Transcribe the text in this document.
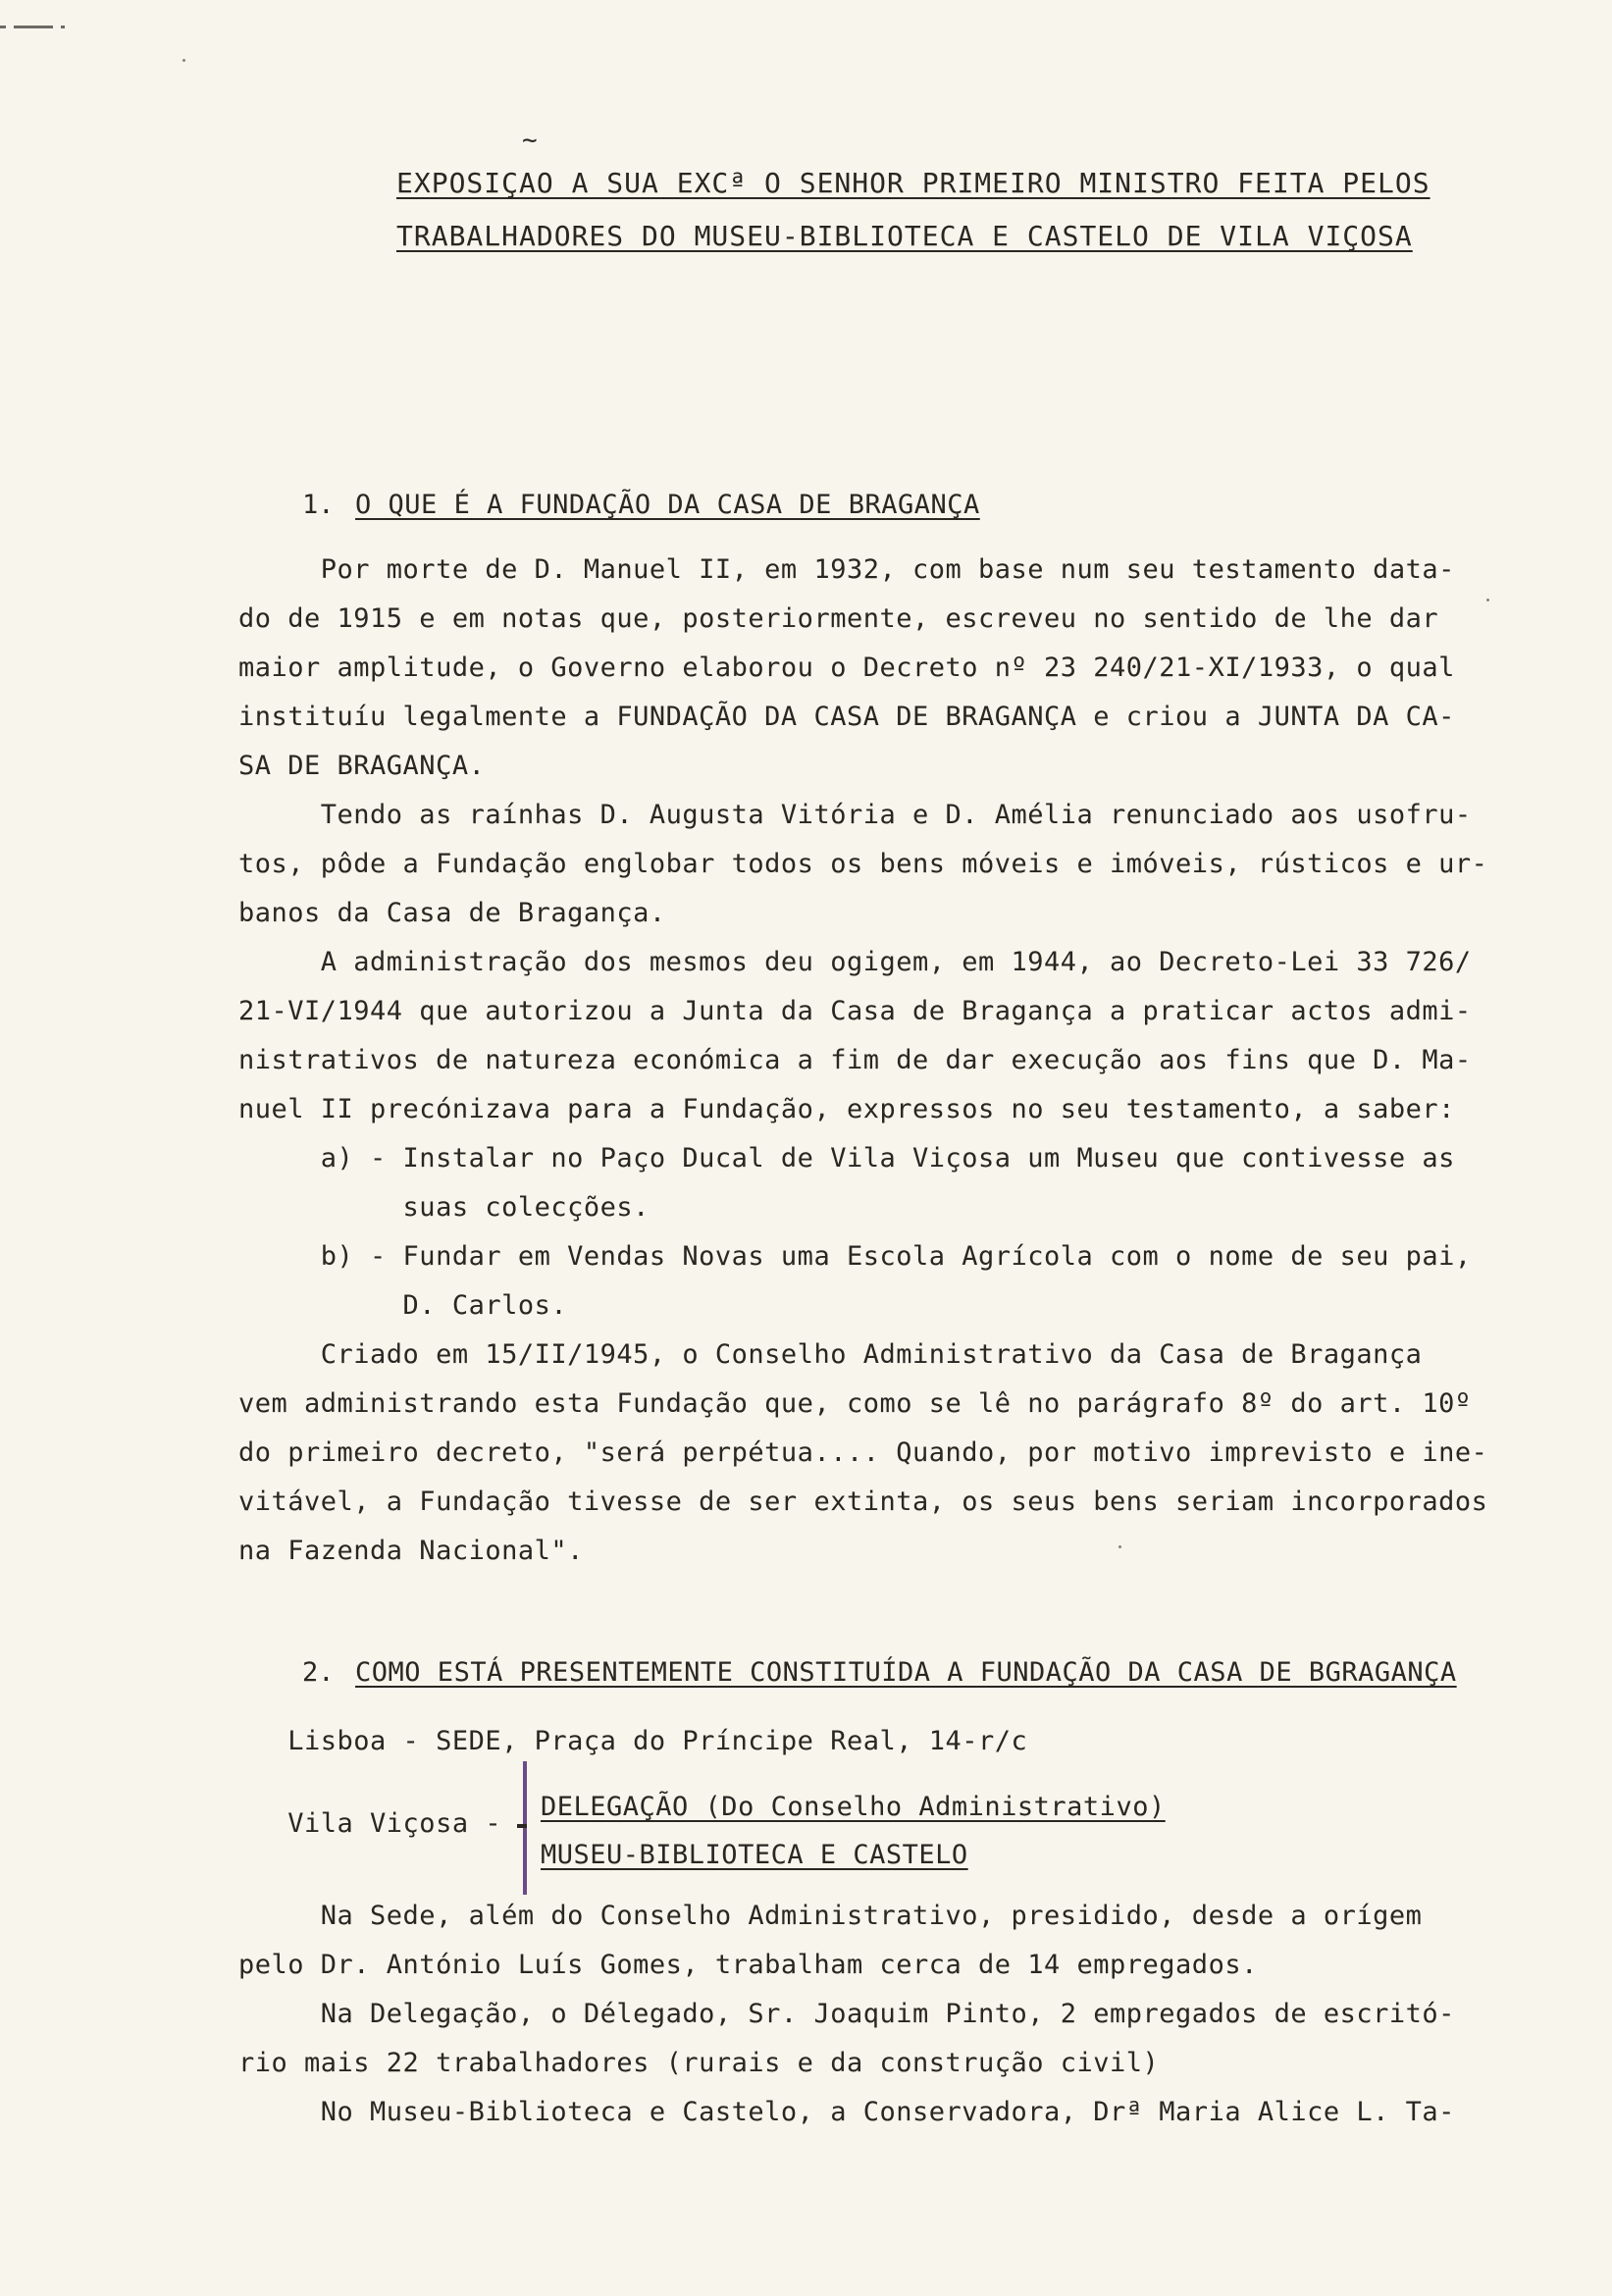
~
EXPOSIÇAO A SUA EXCª O SENHOR PRIMEIRO MINISTRO FEITA PELOS
TRABALHADORES DO MUSEU-BIBLIOTECA E CASTELO DE VILA VIÇOSA

1. O QUE É A FUNDAÇÃO DA CASA DE BRAGANÇA

Por morte de D. Manuel II, em 1932, com base num seu testamento data-

do de 1915 e em notas que, posteriormente, escreveu no sentido de lhe dar

maior amplitude, o Governo elaborou o Decreto nº 23 240/21-XI/1933, o qual

instituíu legalmente a FUNDAÇÃO DA CASA DE BRAGANÇA e criou a JUNTA DA CA-

SA DE BRAGANÇA.

Tendo as raínhas D. Augusta Vitória e D. Amélia renunciado aos usofru-

tos, pôde a Fundação englobar todos os bens móveis e imóveis, rústicos e ur-

banos da Casa de Bragança.

A administração dos mesmos deu ogigem, em 1944, ao Decreto-Lei 33 726/

21-VI/1944 que autorizou a Junta da Casa de Bragança a praticar actos admi-

nistrativos de natureza económica a fim de dar execução aos fins que D. Ma-

nuel II precónizava para a Fundação, expressos no seu testamento, a saber:

a) - Instalar no Paço Ducal de Vila Viçosa um Museu que contivesse as

suas colecções.

b) - Fundar em Vendas Novas uma Escola Agrícola com o nome de seu pai,

D. Carlos.

Criado em 15/II/1945, o Conselho Administrativo da Casa de Bragança

vem administrando esta Fundação que, como se lê no parágrafo 8º do art. 10º

do primeiro decreto, "será perpétua.... Quando, por motivo imprevisto e ine-

vitável, a Fundação tivesse de ser extinta, os seus bens seriam incorporados

na Fazenda Nacional".

2. COMO ESTÁ PRESENTEMENTE CONSTITUÍDA A FUNDAÇÃO DA CASA DE BGRAGANÇA

Lisboa - SEDE, Praça do Príncipe Real, 14-r/c

Vila Viçosa -

DELEGAÇÃO (Do Conselho Administrativo)

MUSEU-BIBLIOTECA E CASTELO

Na Sede, além do Conselho Administrativo, presidido, desde a orígem

pelo Dr. António Luís Gomes, trabalham cerca de 14 empregados.

Na Delegação, o Délegado, Sr. Joaquim Pinto, 2 empregados de escritó-

rio mais 22 trabalhadores (rurais e da construção civil)

No Museu-Biblioteca e Castelo, a Conservadora, Drª Maria Alice L. Ta-
